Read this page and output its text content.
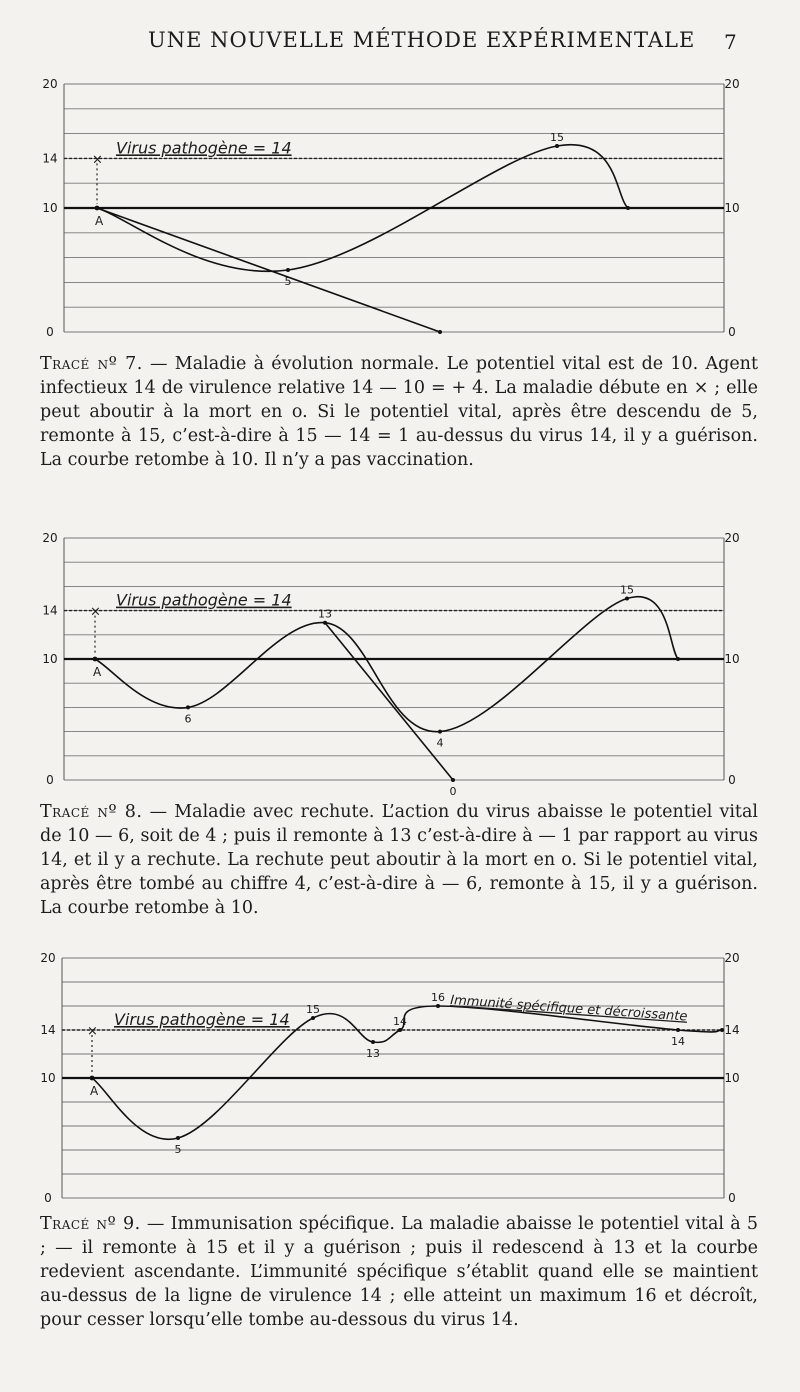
UNE NOUVELLE MÉTHODE EXPÉRIMENTALE 7
Virus pathogène = 14
×
A
20
14
10
0
20
10
0
5
15
Tracé nº 7. — Maladie à évolution normale. Le potentiel vital est de 10. Agent infectieux 14 de virulence relative 14 — 10 = + 4. La maladie débute en × ; elle peut aboutir à la mort en o. Si le potentiel vital, après être descendu de 5, remonte à 15, c’est-à-dire à 15 — 14 = 1 au-dessus du virus 14, il y a guérison. La courbe retombe à 10. Il n’y a pas vaccination.
Virus pathogène = 14
×
A
20
14
10
0
20
10
0
6
13
4
15
0
Tracé nº 8. — Maladie avec rechute. L’action du virus abaisse le potentiel vital de 10 — 6, soit de 4 ; puis il remonte à 13 c’est-à-dire à — 1 par rapport au virus 14, et il y a rechute. La rechute peut aboutir à la mort en o. Si le potentiel vital, après être tombé au chiffre 4, c’est-à-dire à — 6, remonte à 15, il y a guérison. La courbe retombe à 10.
Virus pathogène = 14
×
A
20
14
10
0
20
14
10
0
5
15
13
14
16
14
Immunité spécifique et décroissante
Tracé nº 9. — Immunisation spécifique. La maladie abaisse le potentiel vital à 5 ; — il remonte à 15 et il y a guérison ; puis il redescend à 13 et la courbe redevient ascendante. L’immunité spécifique s’établit quand elle se maintient au-dessus de la ligne de virulence 14 ; elle atteint un maximum 16 et décroît, pour cesser lorsqu’elle tombe au-dessous du virus 14.
